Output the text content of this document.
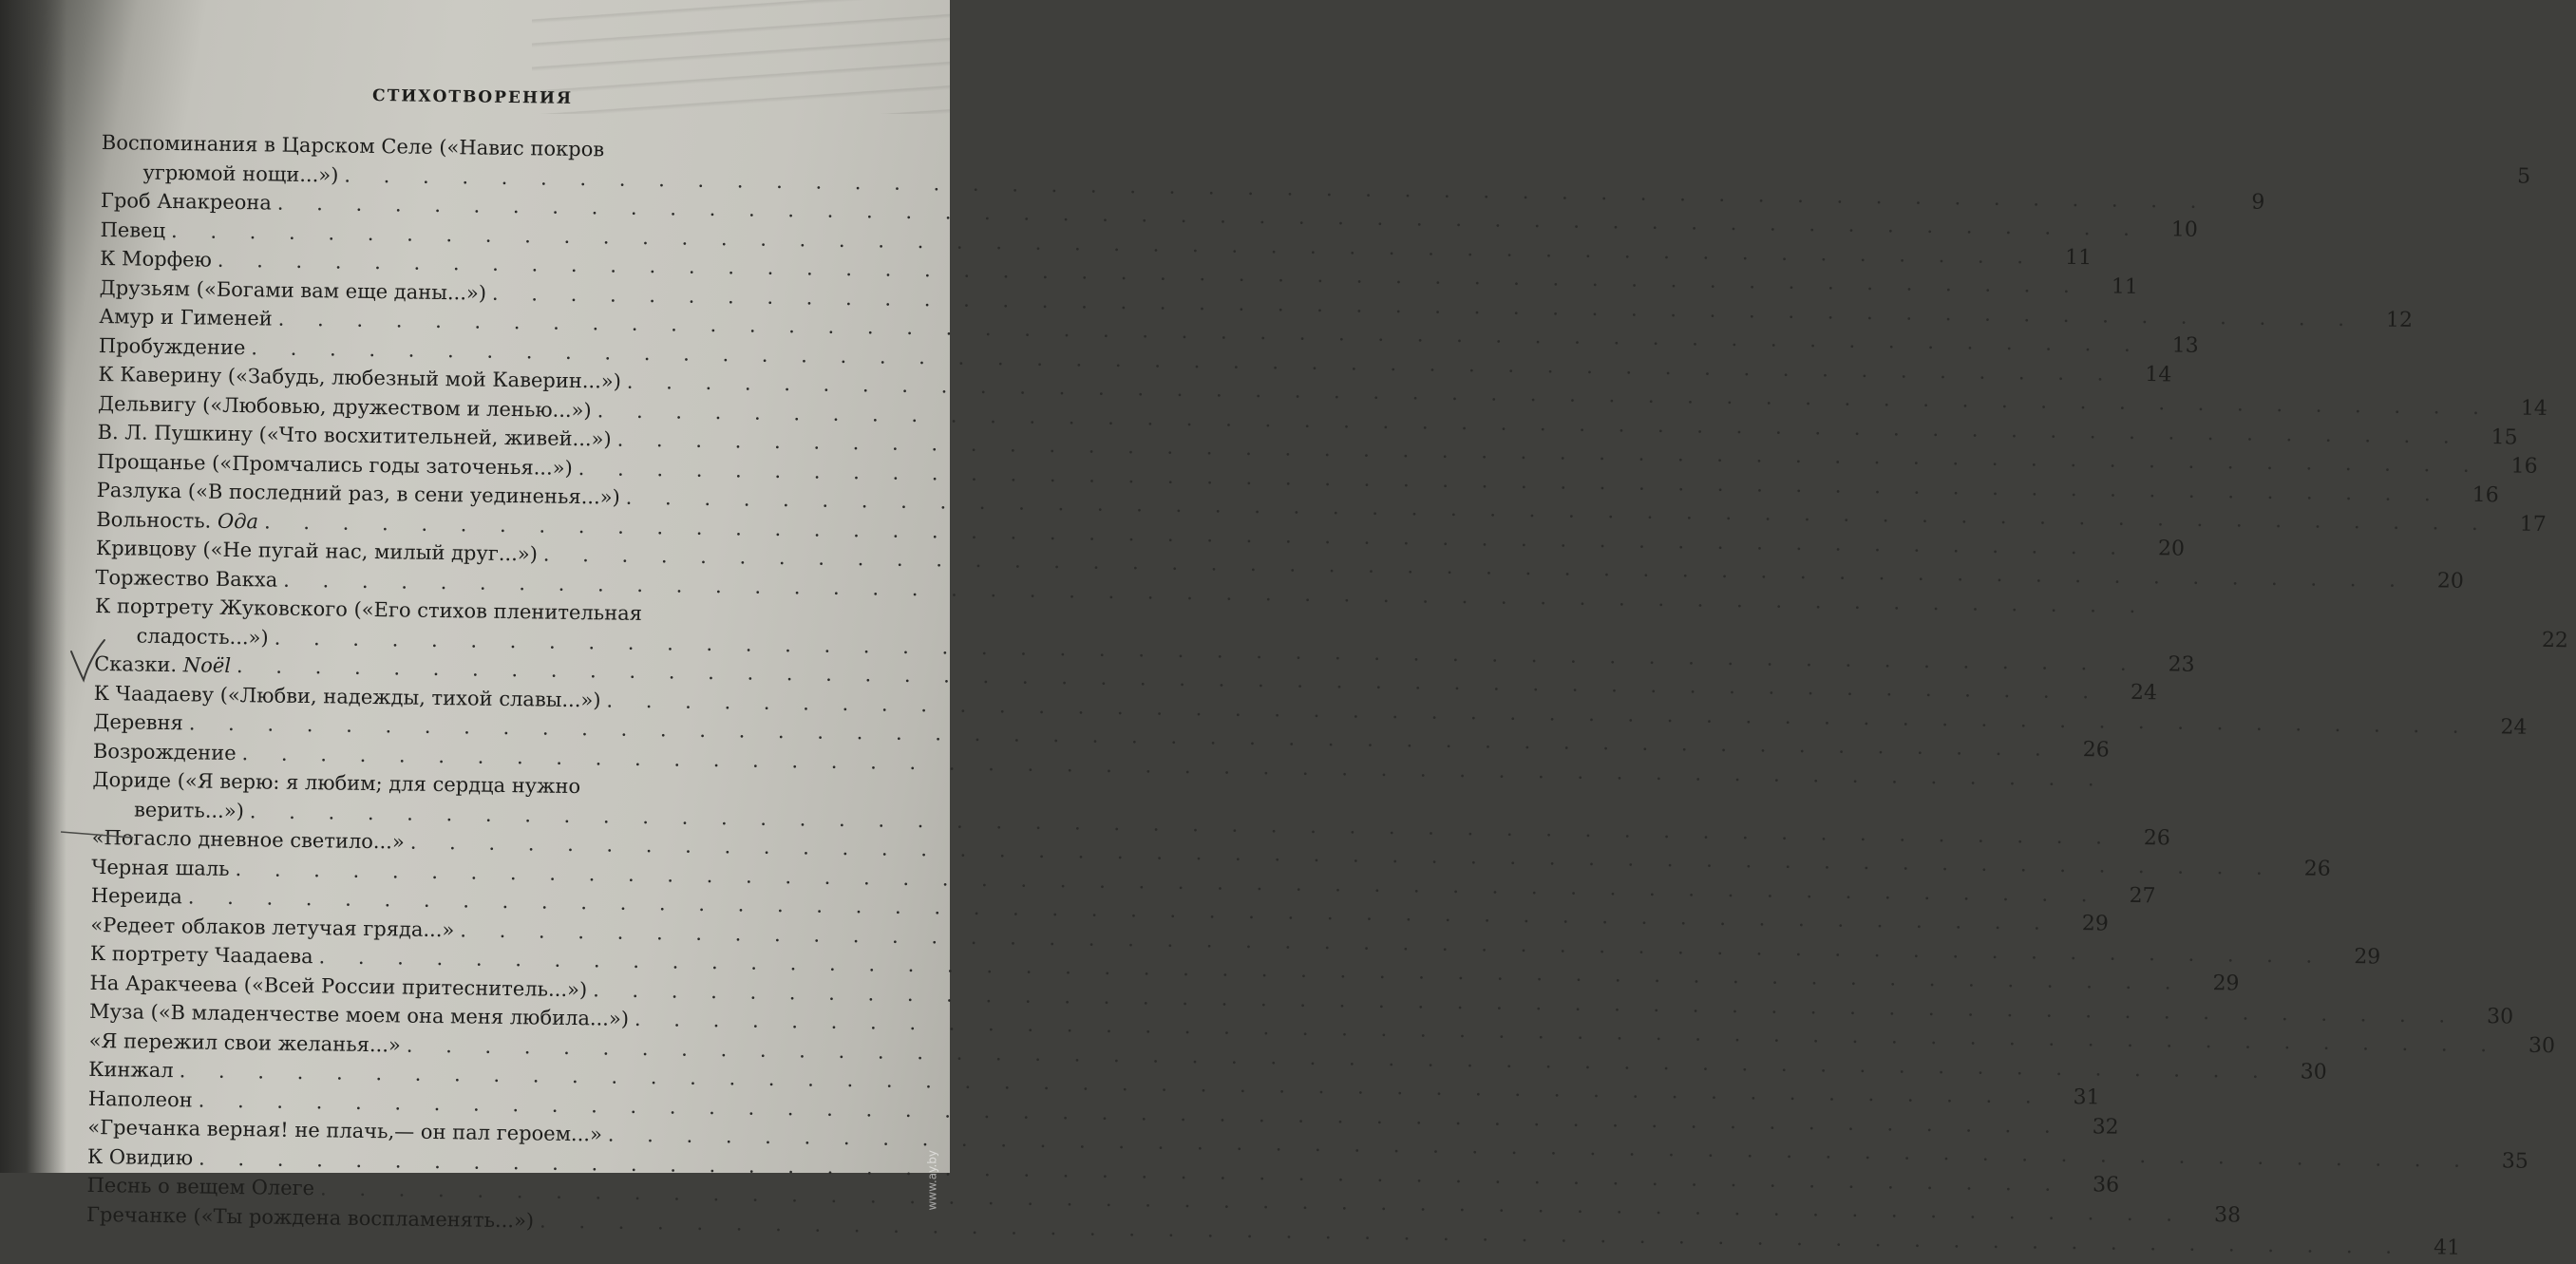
СТИХОТВОРЕНИЯ
Воспоминания в Царском Селе («Навис покров
5
угрюмой нощи...»)
. . .
9
Гроб Анакреона
. . .
10
Певец
. . .
11
К Морфею
. . .
11
Друзьям («Богами вам еще даны...»)
. . .
12
Амур и Гименей
. . .
13
Пробуждение
. . .
14
К Каверину («Забудь, любезный мой Каверин...»)
. . .
14
Дельвигу («Любовью, дружеством и ленью...»)
. . .
15
В. Л. Пушкину («Что восхитительней, живей...»)
. . .
16
Прощанье («Промчались годы заточенья...»)
. . .
16
Разлука («В последний раз, в сени уединенья...»)
. . .
17
Вольность. Ода
. . .
20
Кривцову («Не пугай нас, милый друг...»)
. . .
20
Торжество Вакха
. . .
К портрету Жуковского («Его стихов пленительная
22
сладость...»)
. . .
23
Сказки. Noël
. . .
24
К Чаадаеву («Любви, надежды, тихой славы...»)
. . .
24
Деревня
. . .
26
Возрождение
. . .
Дориде («Я верю: я любим; для сердца нужно
верить...»)
. . .
26
«Погасло дневное светило...»
. . .
26
Черная шаль
. . .
27
Нереида
. . .
29
«Редеет облаков летучая гряда...»
. . .
29
К портрету Чаадаева
. . .
29
На Аракчеева («Всей России притеснитель...»)
. . .
30
Муза («В младенчестве моем она меня любила...»)
. . .
30
«Я пережил свои желанья...»
. . .
30
Кинжал
. . .
31
Наполеон
. . .
32
«Гречанка верная! не плачь,— он пал героем...»
. . .
35
К Овидию
. . .
36
Песнь о вещем Олеге
. . .
38
Гречанке («Ты рождена воспламенять...»)
. . .
41
www.ay.by
